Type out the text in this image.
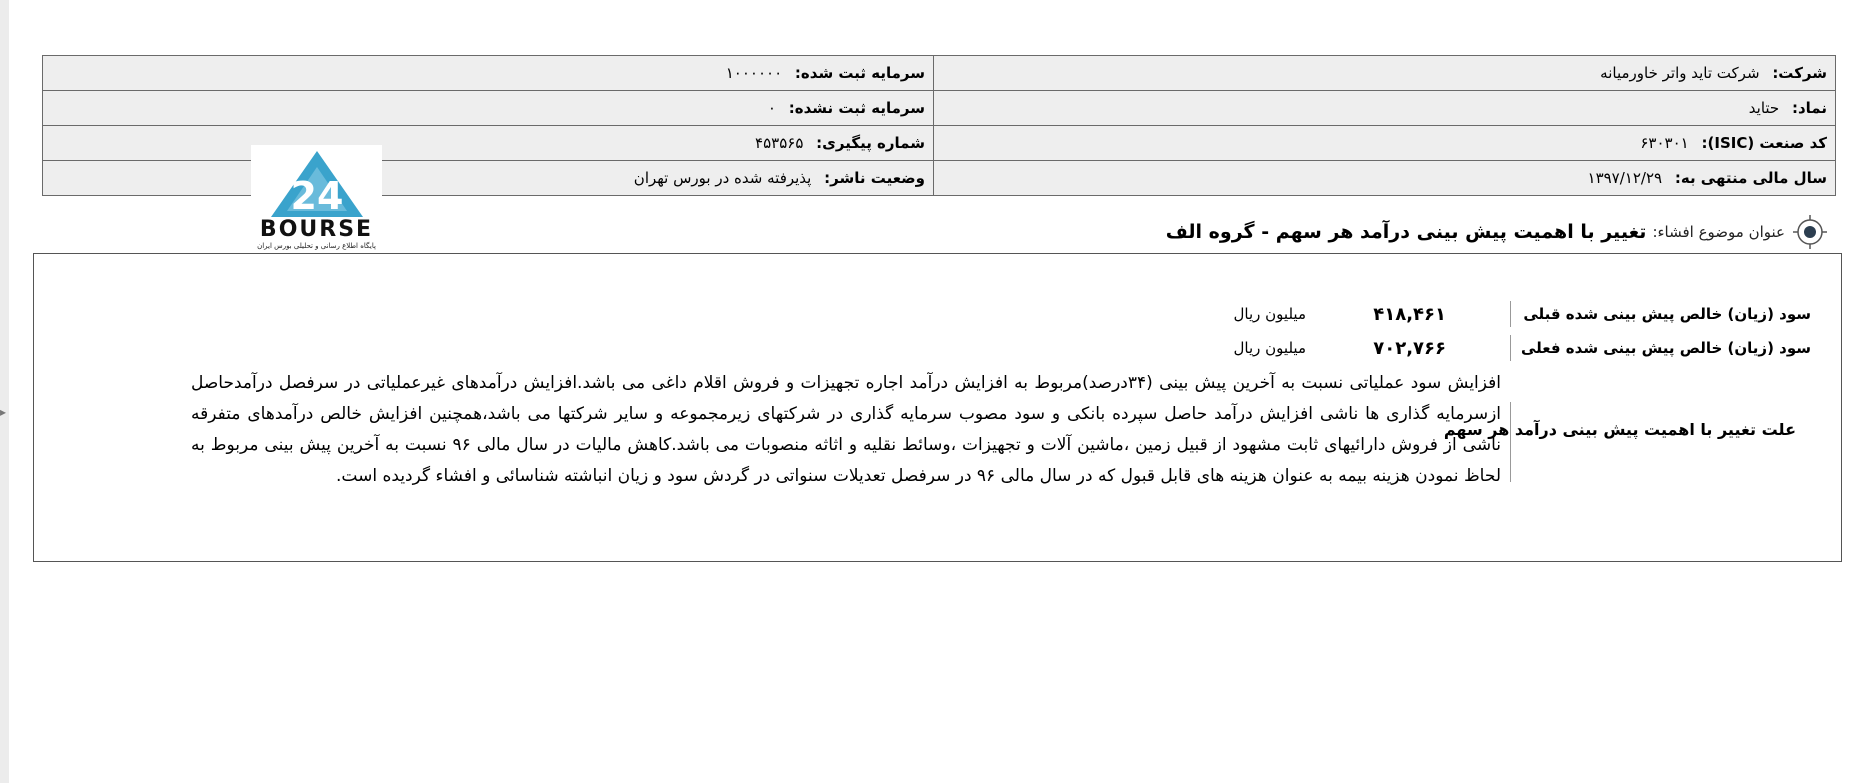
▸
شرکت: شرکت تاید واتر خاورمیانه	سرمایه ثبت شده: ۱۰۰۰۰۰۰
نماد: حتاید	سرمایه ثبت نشده: ۰
کد صنعت (ISIC): ۶۳۰۳۰۱	شماره پیگیری: ۴۵۳۵۶۵
سال مالی منتهی به: ۱۳۹۷/۱۲/۲۹	وضعیت ناشر: پذیرفته شده در بورس تهران
24
BOURSE
پایگاه اطلاع رسانی و تحلیلی بورس ایران
عنوان موضوع افشاء:
تغییر با اهمیت پیش بینی درآمد هر سهم - گروه الف
سود (زیان) خالص پیش بینی شده قبلی
۴۱۸,۴۶۱
میلیون ریال
سود (زیان) خالص پیش بینی شده فعلی
۷۰۲,۷۶۶
میلیون ریال
علت تغییر با اهمیت پیش بینی درآمد هر سهم
افزایش سود عملیاتی نسبت به آخرین پیش بینی (۳۴درصد)مربوط به افزایش درآمد اجاره تجهیزات و فروش اقلام داغی می باشد.افزایش درآمدهای غیرعملیاتی در سرفصل درآمدحاصل ازسرمایه گذاری ها ناشی افزایش درآمد حاصل سپرده بانکی و سود مصوب سرمایه گذاری در شرکتهای زیرمجموعه و سایر شرکتها می باشد،همچنین افزایش خالص درآمدهای متفرقه ناشی از فروش دارائیهای ثابت مشهود از قبیل زمین ،ماشین آلات و تجهیزات ،وسائط نقلیه و اثاثه منصوبات می باشد.کاهش مالیات در سال مالی ۹۶ نسبت به آخرین پیش بینی مربوط به لحاظ نمودن هزینه بیمه به عنوان هزینه های قابل قبول که در سال مالی ۹۶ در سرفصل تعدیلات سنواتی در گردش سود و زیان انباشته شناسائی و افشاء گردیده است.
